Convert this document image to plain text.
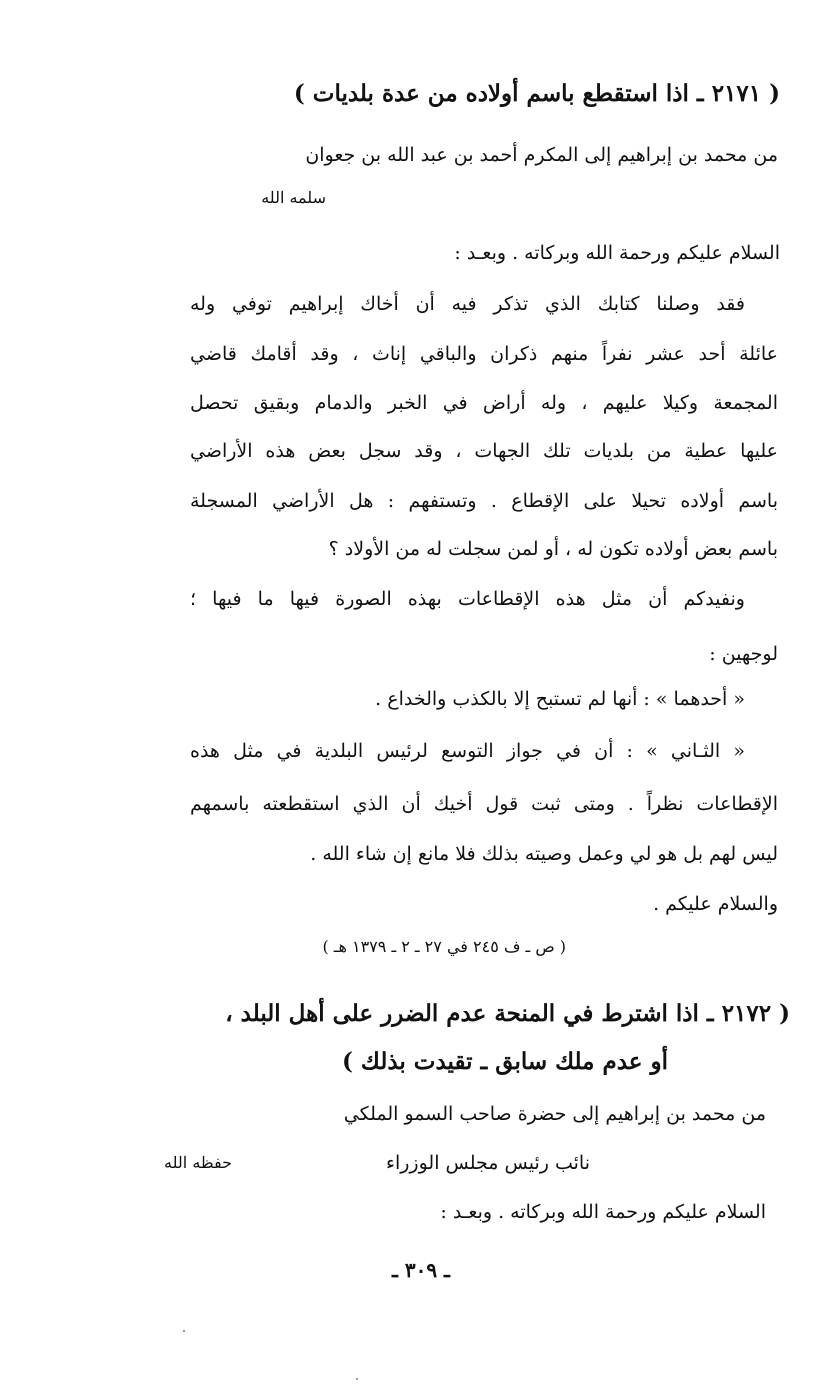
( ٢١٧١ ـ اذا استقطع باسم أولاده من عدة بلديات )
من محمد بن إبراهيم إلى المكرم أحمد بن عبد الله بن جعوان
سلمه الله
السلام عليكم ورحمة الله وبركاته . وبعـد :
فقد وصلنا كتابك الذي تذكر فيه أن أخاك إبراهيم توفي وله
عائلة أحد عشر نفراً منهم ذكران والباقي إناث ، وقد أقامك قاضي
المجمعة وكيلا عليهم ، وله أراض في الخبر والدمام وبقيق تحصل
عليها عطية من بلديات تلك الجهات ، وقد سجل بعض هذه الأراضي
باسم أولاده تحيلا على الإقطاع . وتستفهم : هل الأراضي المسجلة
باسم بعض أولاده تكون له ، أو لمن سجلت له من الأولاد ؟
ونفيدكم أن مثل هذه الإقطاعات بهذه الصورة فيها ما فيها ؛
لوجهين :
« أحدهما » : أنها لم تستبح إلا بالكذب والخداع .
« الثـاني » : أن في جواز التوسع لرئيس البلدية في مثل هذه
الإقطاعات نظراً . ومتى ثبت قول أخيك أن الذي استقطعته باسمهم
ليس لهم بل هو لي وعمل وصيته بذلك فلا مانع إن شاء الله .
والسلام عليكم .
( ص ـ ف ٢٤٥ في ٢٧ ـ ٢ ـ ١٣٧٩ هـ )
( ٢١٧٢ ـ اذا اشترط في المنحة عدم الضرر على أهل البلد ،
أو عدم ملك سابق ـ تقيدت بذلك )
من محمد بن إبراهيم إلى حضرة صاحب السمو الملكي
نائب رئيس مجلس الوزراء
حفظه الله
السلام عليكم ورحمة الله وبركاته . وبعـد :
ـ ٣٠٩ ـ
